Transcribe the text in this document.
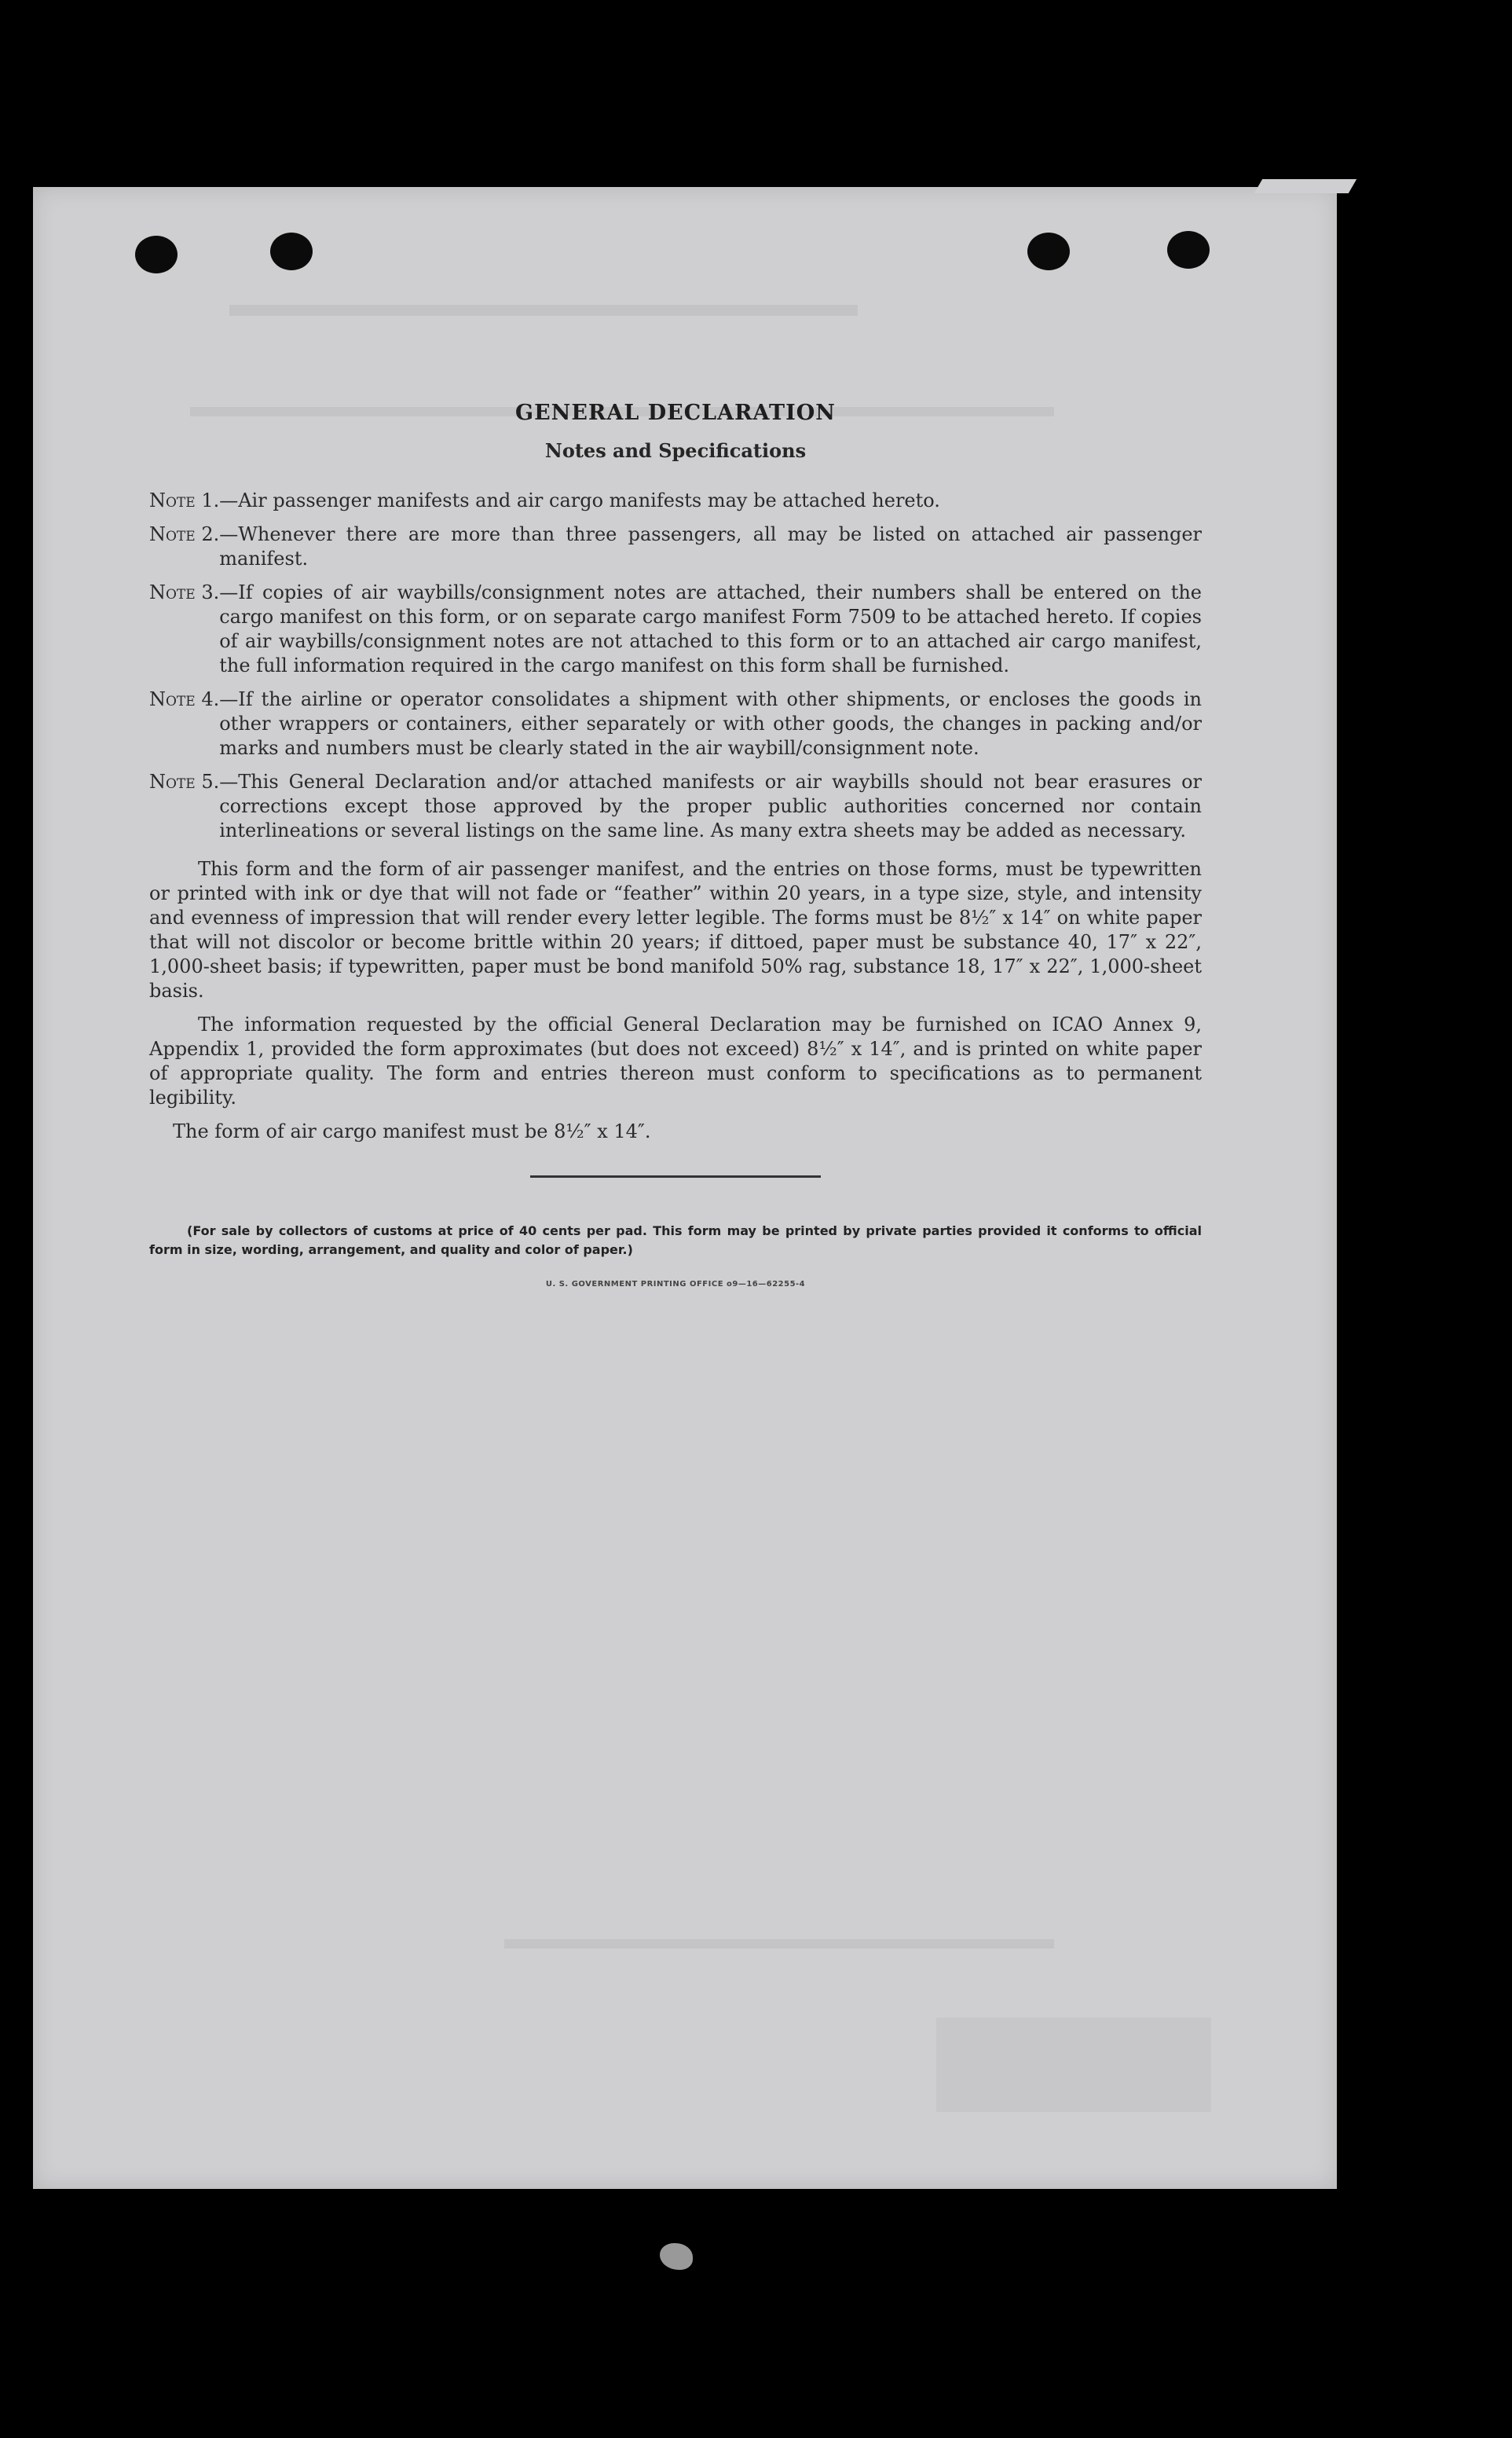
GENERAL DECLARATION
Notes and Specifications
Note 1. —Air passenger manifests and air cargo manifests may be attached hereto.
Note 2. —Whenever there are more than three passengers, all may be listed on attached air passenger manifest.
Note 3. —If copies of air waybills/consignment notes are attached, their numbers shall be entered on the cargo manifest on this form, or on separate cargo manifest Form 7509 to be attached hereto. If copies of air waybills/consignment notes are not attached to this form or to an attached air cargo manifest, the full information required in the cargo manifest on this form shall be furnished.
Note 4. —If the airline or operator consolidates a shipment with other shipments, or encloses the goods in other wrappers or containers, either separately or with other goods, the changes in packing and/or marks and numbers must be clearly stated in the air waybill/consignment note.
Note 5. —This General Declaration and/or attached manifests or air waybills should not bear erasures or corrections except those approved by the proper public authorities concerned nor contain interlineations or several listings on the same line. As many extra sheets may be added as necessary.

This form and the form of air passenger manifest, and the entries on those forms, must be typewritten or printed with ink or dye that will not fade or “feather” within 20 years, in a type size, style, and intensity and evenness of impression that will render every letter legible. The forms must be 8½″ x 14″ on white paper that will not discolor or become brittle within 20 years; if dittoed, paper must be substance 40, 17″ x 22″, 1,000-sheet basis; if typewritten, paper must be bond manifold 50% rag, substance 18, 17″ x 22″, 1,000-sheet basis.

The information requested by the official General Declaration may be furnished on ICAO Annex 9, Appendix 1, provided the form approximates (but does not exceed) 8½″ x 14″, and is printed on white paper of appropriate quality. The form and entries thereon must conform to specifications as to permanent legibility.

The form of air cargo manifest must be 8½″ x 14″.

(For sale by collectors of customs at price of 40 cents per pad. This form may be printed by private parties provided it conforms to official form in size, wording, arrangement, and quality and color of paper.)

U. S. GOVERNMENT PRINTING OFFICE o9—16—62255-4
